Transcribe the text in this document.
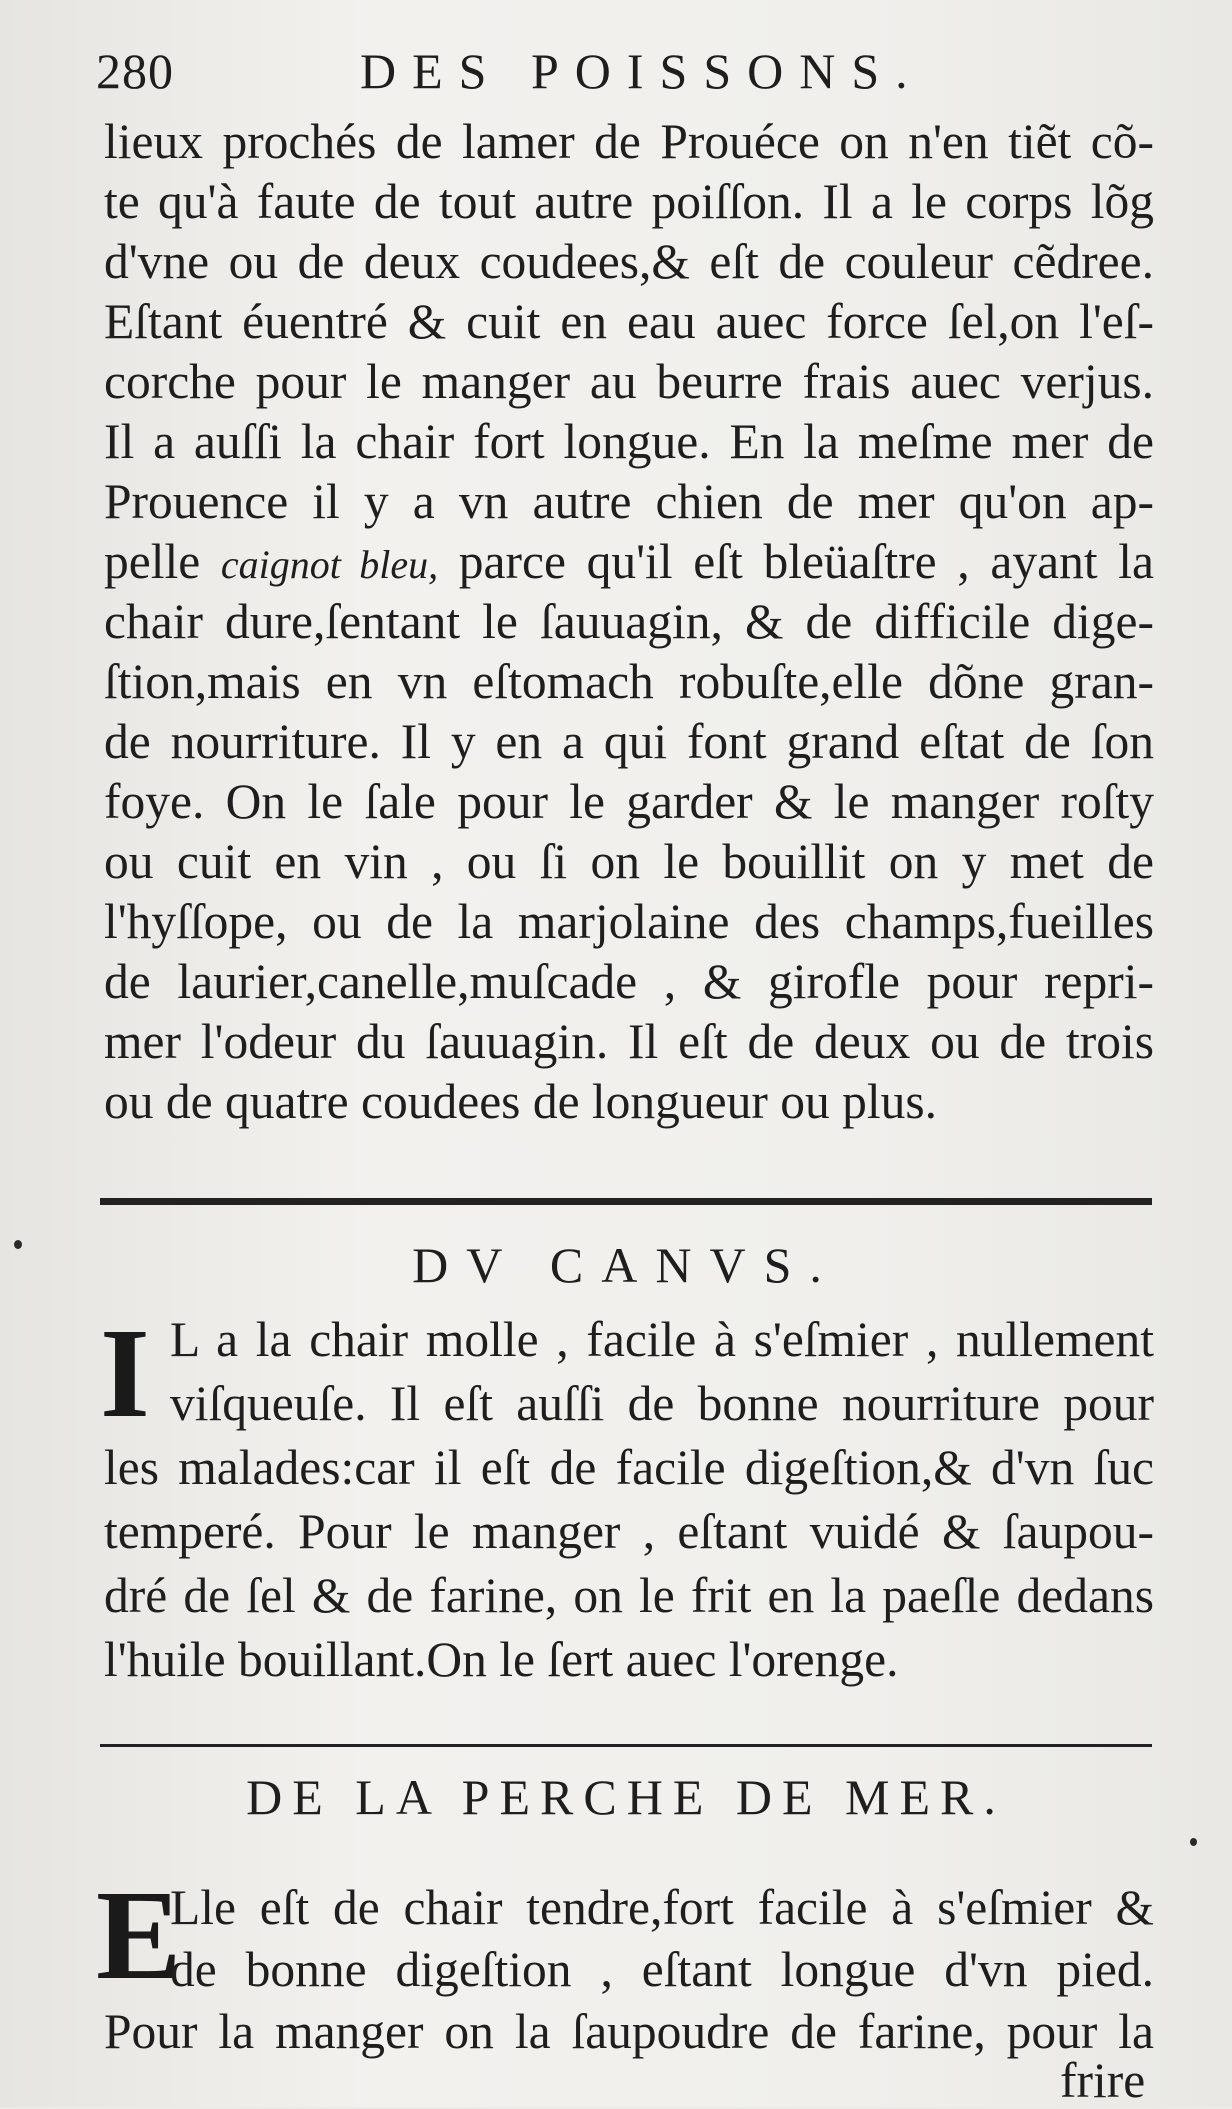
280	DES POISSONS.
lieux prochés de lamer de Prouéce on n'en tiẽt cõ-
te qu'à faute de tout autre poiſſon. Il a le corps lõg
d'vne ou de deux coudees,& eſt de couleur cẽdree.
Eſtant éuentré & cuit en eau auec force ſel,on l'eſ-
corche pour le manger au beurre frais auec verjus.
Il a auſſi la chair fort longue. En la meſme mer de
Prouence il y a vn autre chien de mer qu'on ap-
pelle caignot bleu, parce qu'il eſt bleüaſtre , ayant la
chair dure,ſentant le ſauuagin, & de difficile dige-
ſtion,mais en vn eſtomach robuſte,elle dõne gran-
de nourriture. Il y en a qui font grand eſtat de ſon
foye. On le ſale pour le garder & le manger roſty
ou cuit en vin , ou ſi on le bouillit on y met de
l'hyſſope, ou de la marjolaine des champs,fueilles
de laurier,canelle,muſcade , & girofle pour repri-
mer l'odeur du ſauuagin. Il eſt de deux ou de trois
ou de quatre coudees de longueur ou plus.
DV CANVS.
I L a la chair molle , facile à s'eſmier , nullement
viſqueuſe. Il eſt auſſi de bonne nourriture pour
les malades:car il eſt de facile digeſtion,& d'vn ſuc
temperé. Pour le manger , eſtant vuidé & ſaupou-
dré de ſel & de farine, on le frit en la paeſle dedans
l'huile bouillant.On le ſert auec l'orenge.
DE LA PERCHE DE MER.
E
Lle eſt de chair tendre,fort facile à s'eſmier &
de bonne digeſtion , eſtant longue d'vn pied.
Pour la manger on la ſaupoudre de farine, pour la
frire
